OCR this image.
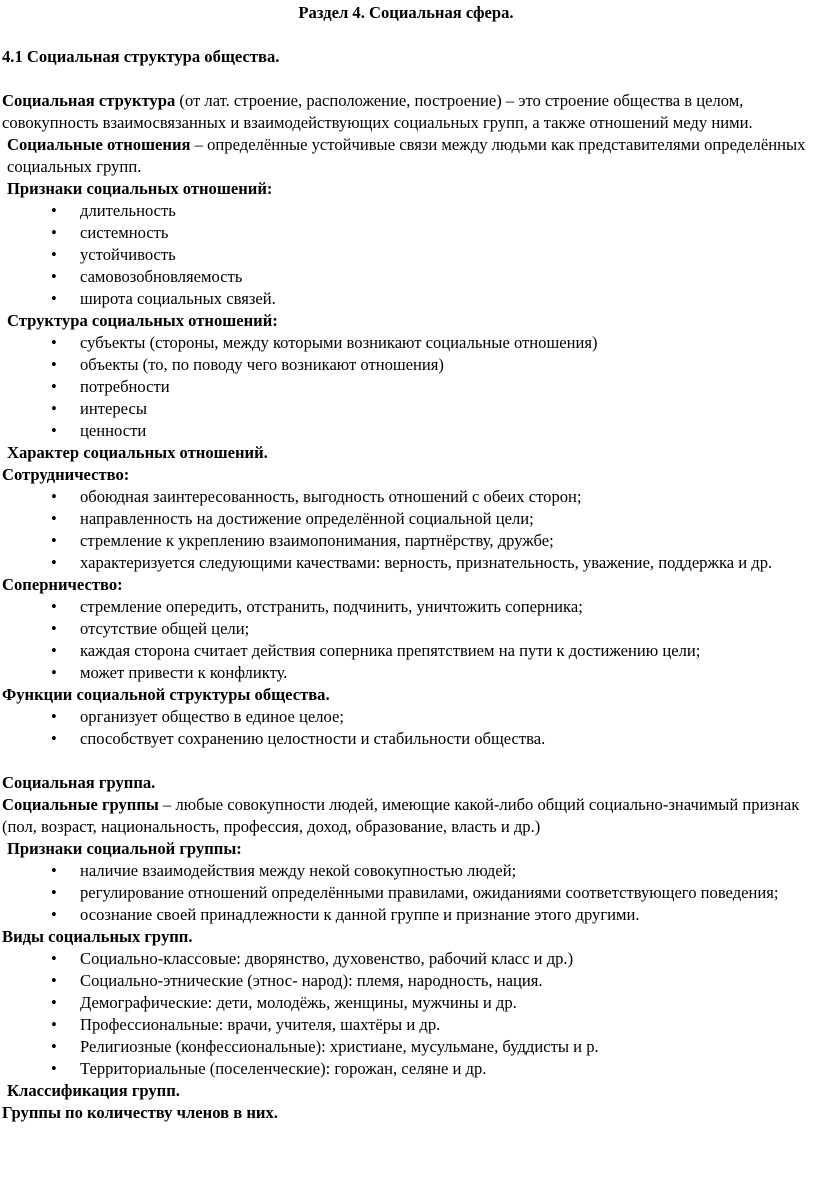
Раздел 4. Социальная сфера.

4.1 Социальная структура общества.

Социальная структура (от лат. строение, расположение, построение) – это строение общества в целом, совокупность взаимосвязанных и взаимодействующих социальных групп, а также отношений меду ними.

Социальные отношения – определённые устойчивые связи между людьми как представителями определённых социальных групп.

Признаки социальных отношений:

• длительность
• системность
• устойчивость
• самовозобновляемость
• широта социальных связей.

Структура социальных отношений:

• субъекты (стороны, между которыми возникают социальные отношения)
• объекты (то, по поводу чего возникают отношения)
• потребности
• интересы
• ценности

Характер социальных отношений.

Сотрудничество:

• обоюдная заинтересованность, выгодность отношений с обеих сторон;
• направленность на достижение определённой социальной цели;
• стремление к укреплению взаимопонимания, партнёрству, дружбе;
• характеризуется следующими качествами: верность, признательность, уважение, поддержка и др.

Соперничество:

• стремление опередить, отстранить, подчинить, уничтожить соперника;
• отсутствие общей цели;
• каждая сторона считает действия соперника препятствием на пути к достижению цели;
• может привести к конфликту.

Функции социальной структуры общества.

• организует общество в единое целое;
• способствует сохранению целостности и стабильности общества.

Социальная группа.

Социальные группы – любые совокупности людей, имеющие какой-либо общий социально-значимый признак (пол, возраст, национальность, профессия, доход, образование, власть и др.)

Признаки социальной группы:

• наличие взаимодействия между некой совокупностью людей;
• регулирование отношений определёнными правилами, ожиданиями соответствующего поведения;
• осознание своей принадлежности к данной группе и признание этого другими.

Виды социальных групп.

• Социально-классовые: дворянство, духовенство, рабочий класс и др.)
• Социально-этнические (этнос- народ): племя, народность, нация.
• Демографические: дети, молодёжь, женщины, мужчины и др.
• Профессиональные: врачи, учителя, шахтёры и др.
• Религиозные (конфессиональные): христиане, мусульмане, буддисты и р.
• Территориальные (поселенческие): горожан, селяне и др.

Классификация групп.

Группы по количеству членов в них.
